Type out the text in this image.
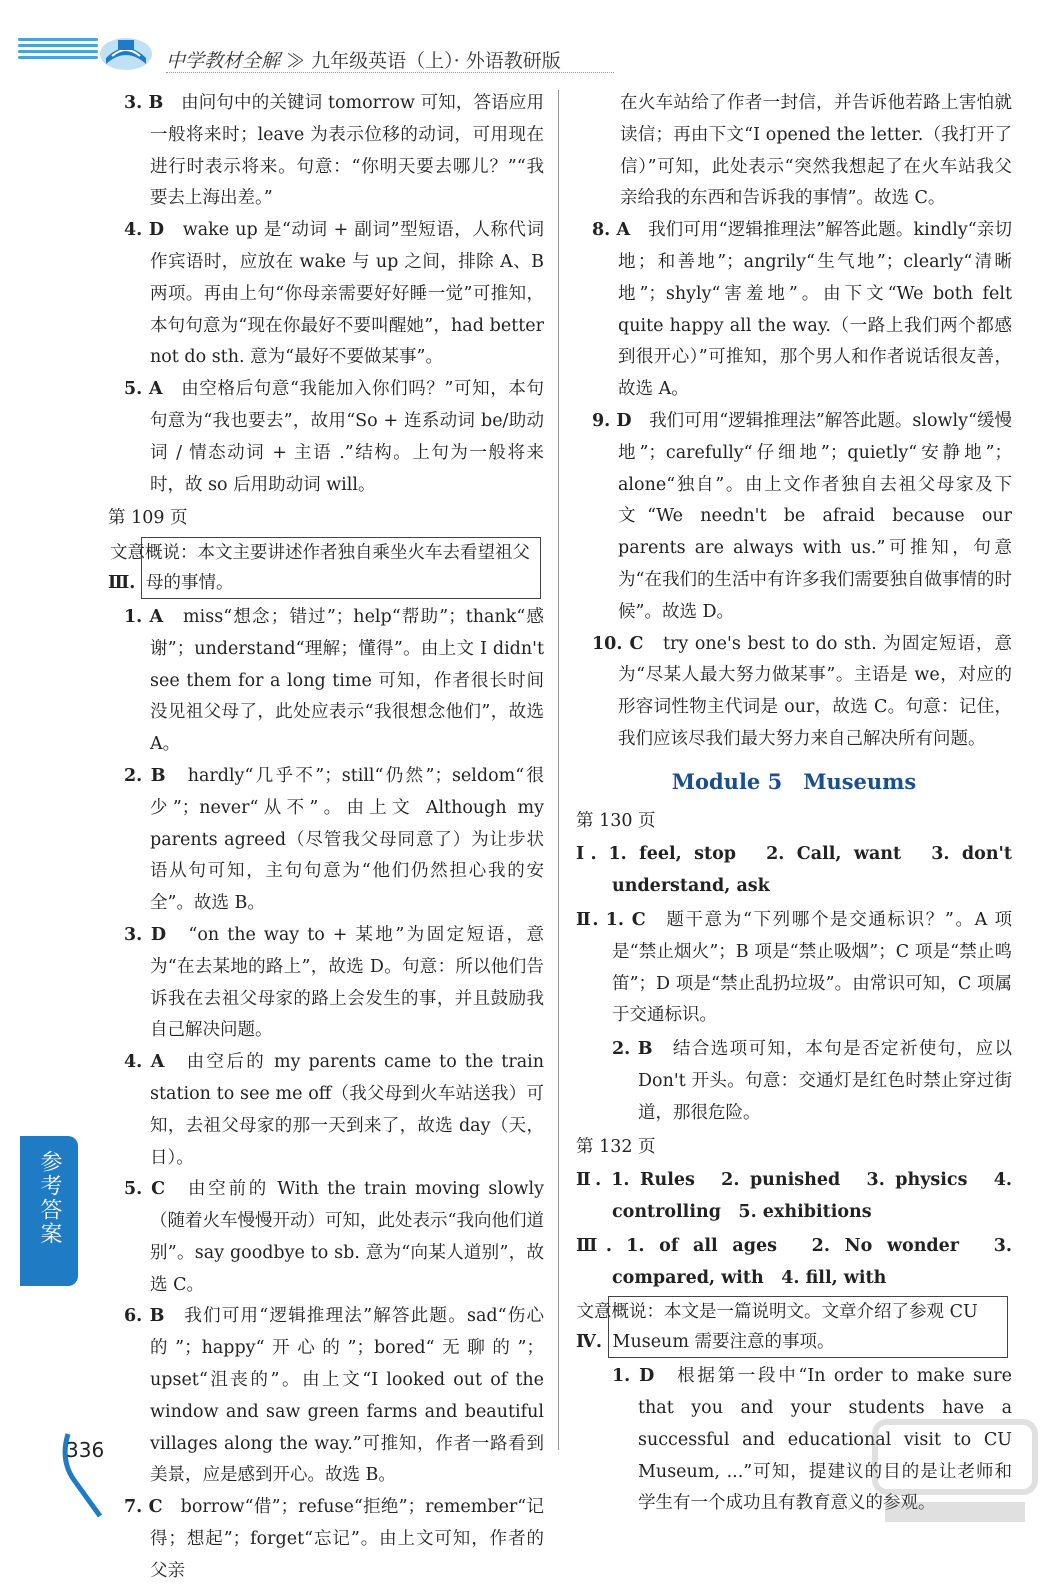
中学教材全解 ≫ 九年级英语（上）· 外语教研版

3. B　 由问句中的关键词 tomorrow 可知，答语应用一般将来时；leave 为表示位移的动词，可用现在进行时表示将来。句意：“你明天要去哪儿？”“我要去上海出差。”

4. D　 wake up 是“动词 + 副词”型短语，人称代词作宾语时，应放在 wake 与 up 之间，排除 A、B 两项。再由上句“你母亲需要好好睡一觉”可推知，本句句意为“现在你最好不要叫醒她”，had better not do sth. 意为“最好不要做某事”。

5. A　 由空格后句意“我能加入你们吗？”可知，本句句意为“我也要去”，故用“So + 连系动词 be/助动词 / 情态动词 + 主语 .”结构。上句为一般将来时，故 so 后用助动词 will。

第 109 页

Ⅲ. 文意概说：本文主要讲述作者独自乘坐火车去看望祖父母的事情。

1. A　 miss“想念；错过”；help“帮助”；thank“感谢”；understand“理解；懂得”。由上文 I didn't see them for a long time 可知，作者很长时间没见祖父母了，此处应表示“我很想念他们”，故选 A。

2. B　 hardly“几乎不”；still“仍然”；seldom“很少”；never“从不”。由上文 Although my parents agreed（尽管我父母同意了）为让步状语从句可知，主句句意为“他们仍然担心我的安全”。故选 B。

3. D　 “on the way to + 某地”为固定短语，意为“在去某地的路上”，故选 D。句意：所以他们告诉我在去祖父母家的路上会发生的事，并且鼓励我自己解决问题。

4. A　 由空后的 my parents came to the train station to see me off（我父母到火车站送我）可知，去祖父母家的那一天到来了，故选 day（天，日）。

5. C　 由空前的 With the train moving slowly（随着火车慢慢开动）可知，此处表示“我向他们道别”。say goodbye to sb. 意为“向某人道别”，故选 C。

6. B　 我们可用“逻辑推理法”解答此题。sad“伤心的”；happy“开心的”；bored“无聊的”；upset“沮丧的”。由上文“I looked out of the window and saw green farms and beautiful villages along the way.”可推知，作者一路看到美景，应是感到开心。故选 B。

7. C　 borrow“借”；refuse“拒绝”；remember“记得；想起”；forget“忘记”。由上文可知，作者的父亲

在火车站给了作者一封信，并告诉他若路上害怕就读信；再由下文“I opened the letter.（我打开了信）”可知，此处表示“突然我想起了在火车站我父亲给我的东西和告诉我的事情”。故选 C。

8. A　 我们可用“逻辑推理法”解答此题。kindly“亲切地；和善地”；angrily“生气地”；clearly“清晰地”；shyly“害羞地”。由下文“We both felt quite happy all the way.（一路上我们两个都感到很开心）”可推知，那个男人和作者说话很友善，故选 A。

9. D　 我们可用“逻辑推理法”解答此题。slowly“缓慢地”；carefully“仔细地”；quietly“安静地”；alone“独自”。由上文作者独自去祖父母家及下文“We needn't be afraid because our parents are always with us.”可推知，句意为“在我们的生活中有许多我们需要独自做事情的时候”。故选 D。

10. C　 try one's best to do sth. 为固定短语，意为“尽某人最大努力做某事”。主语是 we，对应的形容词性物主代词是 our，故选 C。句意：记住，我们应该尽我们最大努力来自己解决所有问题。

Module 5　Museums

第 130 页

Ⅰ. 1. feel, stop　2. Call, want　3. don't understand, ask

Ⅱ. 1. C　 题干意为“下列哪个是交通标识？”。A 项是“禁止烟火”；B 项是“禁止吸烟”；C 项是“禁止鸣笛”；D 项是“禁止乱扔垃圾”。由常识可知，C 项属于交通标识。

2. B　 结合选项可知，本句是否定祈使句，应以 Don't 开头。句意：交通灯是红色时禁止穿过街道，那很危险。

第 132 页

Ⅱ. 1. Rules　2. punished　3. physics　4. controlling　5. exhibitions

Ⅲ. 1. of all ages　2. No wonder　3. compared, with　4. fill, with

Ⅳ. 文意概说：本文是一篇说明文。文章介绍了参观 CU Museum 需要注意的事项。

1. D　 根据第一段中“In order to make sure that you and your students have a successful and educational visit to CU Museum, ...”可知，提建议的目的是让老师和学生有一个成功且有教育意义的参观。

参考答案
336
